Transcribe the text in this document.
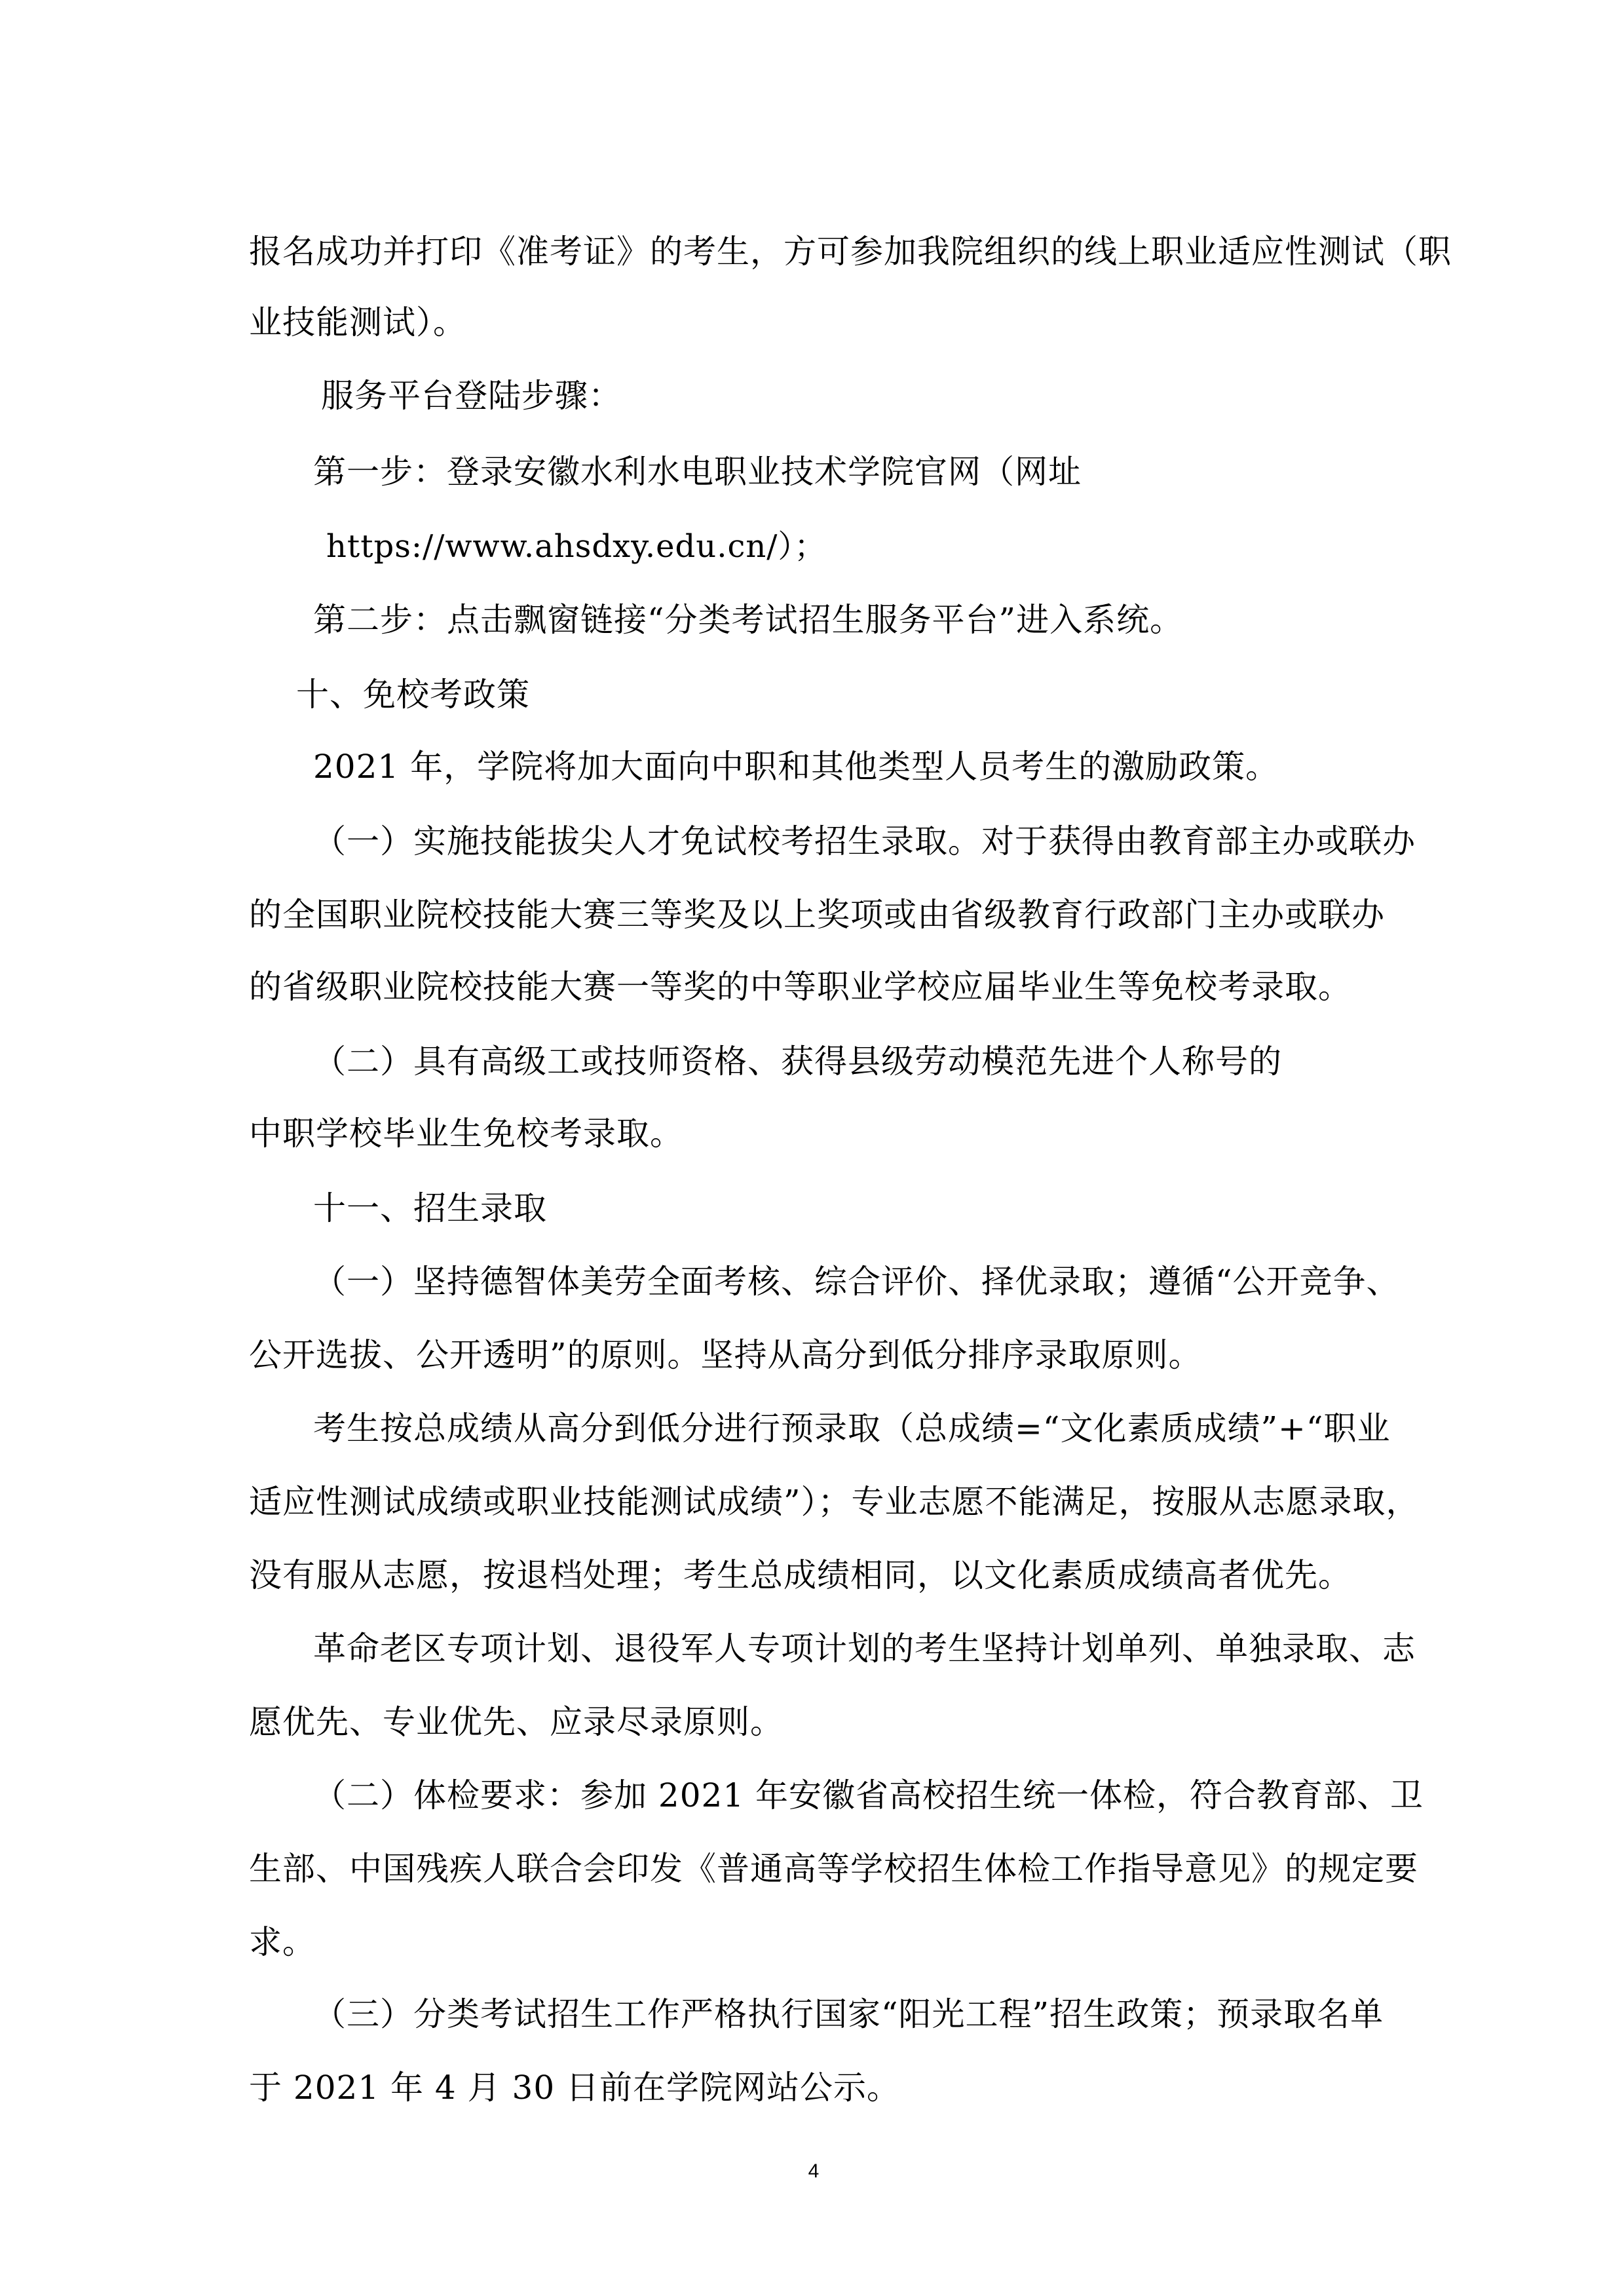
报名成功并打印《准考证》的考生，方可参加我院组织的线上职业适应性测试（职
业技能测试）。
服务平台登陆步骤：
第一步：登录安徽水利水电职业技术学院官网（网址
https://www.ahsdxy.edu.cn/）；
第二步：点击飘窗链接“分类考试招生服务平台”进入系统。
十、免校考政策
2021 年，学院将加大面向中职和其他类型人员考生的激励政策。
（一）实施技能拔尖人才免试校考招生录取。对于获得由教育部主办或联办
的全国职业院校技能大赛三等奖及以上奖项或由省级教育行政部门主办或联办
的省级职业院校技能大赛一等奖的中等职业学校应届毕业生等免校考录取。
（二）具有高级工或技师资格、获得县级劳动模范先进个人称号的
中职学校毕业生免校考录取。
十一、招生录取
（一）坚持德智体美劳全面考核、综合评价、择优录取；遵循“公开竞争、
公开选拔、公开透明”的原则。坚持从高分到低分排序录取原则。
考生按总成绩从高分到低分进行预录取（总成绩=“文化素质成绩”+“职业
适应性测试成绩或职业技能测试成绩”）；专业志愿不能满足，按服从志愿录取，
没有服从志愿，按退档处理；考生总成绩相同，以文化素质成绩高者优先。
革命老区专项计划、退役军人专项计划的考生坚持计划单列、单独录取、志
愿优先、专业优先、应录尽录原则。
（二）体检要求：参加 2021 年安徽省高校招生统一体检，符合教育部、卫
生部、中国残疾人联合会印发《普通高等学校招生体检工作指导意见》的规定要
求。
（三）分类考试招生工作严格执行国家“阳光工程”招生政策；预录取名单
于 2021 年 4 月 30 日前在学院网站公示。
4
